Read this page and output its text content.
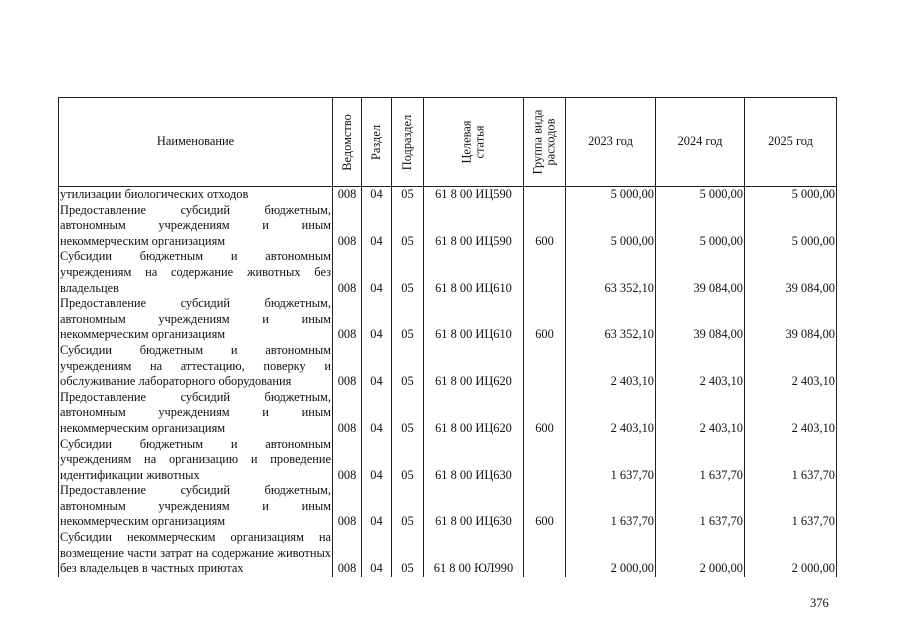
Наименование	Ведомство	Раздел	Подраздел	Целевая статья	Группа вида расходов	2023 год	2024 год	2025 год
утилизации биологических отходов	008	04	05	61 8 00 ИЦ590		5 000,00	5 000,00	5 000,00
Предоставление субсидий бюджетным, автономным учреждениям и иным некоммерческим организациям	008	04	05	61 8 00 ИЦ590	600	5 000,00	5 000,00	5 000,00
Субсидии бюджетным и автономным учреждениям на содержание животных без владельцев	008	04	05	61 8 00 ИЦ610		63 352,10	39 084,00	39 084,00
Предоставление субсидий бюджетным, автономным учреждениям и иным некоммерческим организациям	008	04	05	61 8 00 ИЦ610	600	63 352,10	39 084,00	39 084,00
Субсидии бюджетным и автономным учреждениям на аттестацию, поверку и обслуживание лабораторного оборудования	008	04	05	61 8 00 ИЦ620		2 403,10	2 403,10	2 403,10
Предоставление субсидий бюджетным, автономным учреждениям и иным некоммерческим организациям	008	04	05	61 8 00 ИЦ620	600	2 403,10	2 403,10	2 403,10
Субсидии бюджетным и автономным учреждениям на организацию и проведение идентификации животных	008	04	05	61 8 00 ИЦ630		1 637,70	1 637,70	1 637,70
Предоставление субсидий бюджетным, автономным учреждениям и иным некоммерческим организациям	008	04	05	61 8 00 ИЦ630	600	1 637,70	1 637,70	1 637,70
Субсидии некоммерческим организациям на возмещение части затрат на содержание животных без владельцев в частных приютах	008	04	05	61 8 00 ЮЛ990		2 000,00	2 000,00	2 000,00
376
